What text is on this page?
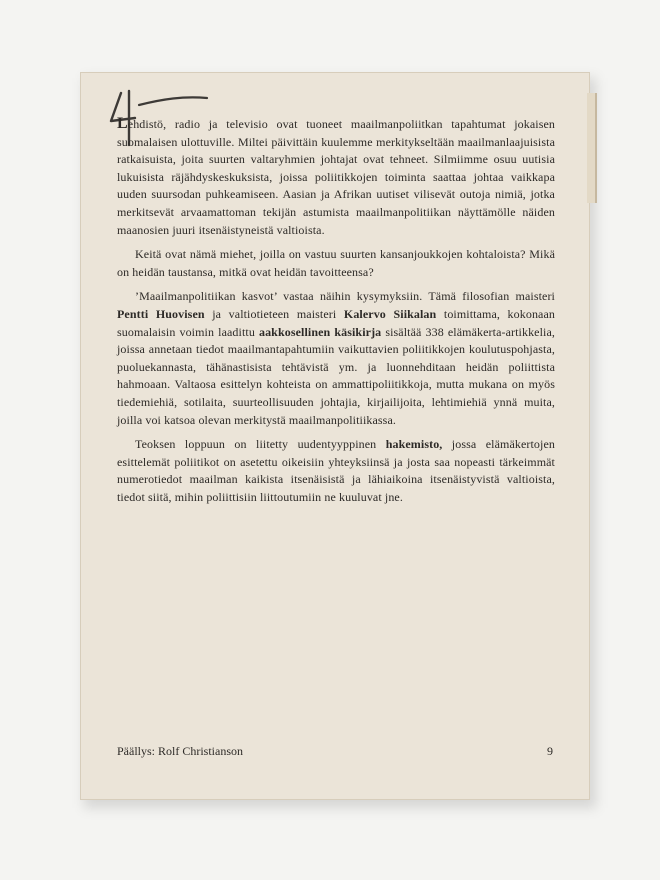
Lehdistö, radio ja televisio ovat tuoneet maailmanpoliitkan tapahtumat jokaisen suomalaisen ulottuville. Miltei päivittäin kuulemme merkitykseltään maailmanlaajuisista ratkaisuista, joita suurten valtaryhmien johtajat ovat tehneet. Silmiimme osuu uutisia lukuisista räjähdyskeskuksista, joissa poliitikkojen toiminta saattaa johtaa vaikkapa uuden suursodan puhkeamiseen. Aasian ja Afrikan uutiset vilisevät outoja nimiä, jotka merkitsevät arvaamattoman tekijän astumista maailmanpolitiikan näyttämölle näiden maanosien juuri itsenäistyneistä valtioista.

Keitä ovat nämä miehet, joilla on vastuu suurten kansanjoukkojen kohtaloista? Mikä on heidän taustansa, mitkä ovat heidän tavoitteensa?

’Maailmanpolitiikan kasvot’ vastaa näihin kysymyksiin. Tämä filosofian maisteri Pentti Huovisen ja valtiotieteen maisteri Kalervo Siikalan toimittama, kokonaan suomalaisin voimin laadittu aakkosellinen käsikirja sisältää 338 elämäkerta-artikkelia, joissa annetaan tiedot maailmantapahtumiin vaikuttavien poliitikkojen koulutuspohjasta, puoluekannasta, tähänastisista tehtävistä ym. ja luonnehditaan heidän poliittista hahmoaan. Valtaosa esittelyn kohteista on ammattipoliitikkoja, mutta mukana on myös tiedemiehiä, sotilaita, suurteollisuuden johtajia, kirjailijoita, lehtimiehiä ynnä muita, joilla voi katsoa olevan merkitystä maailmanpolitiikassa.

Teoksen loppuun on liitetty uudentyyppinen hakemisto, jossa elämäkertojen esittelemät poliitikot on asetettu oikeisiin yhteyksiinsä ja josta saa nopeasti tärkeimmät numerotiedot maailman kaikista itsenäisistä ja lähiaikoina itsenäistyvistä valtioista, tiedot siitä, mihin poliittisiin liittoutumiin ne kuuluvat jne.

Päällys: Rolf Christianson	9
